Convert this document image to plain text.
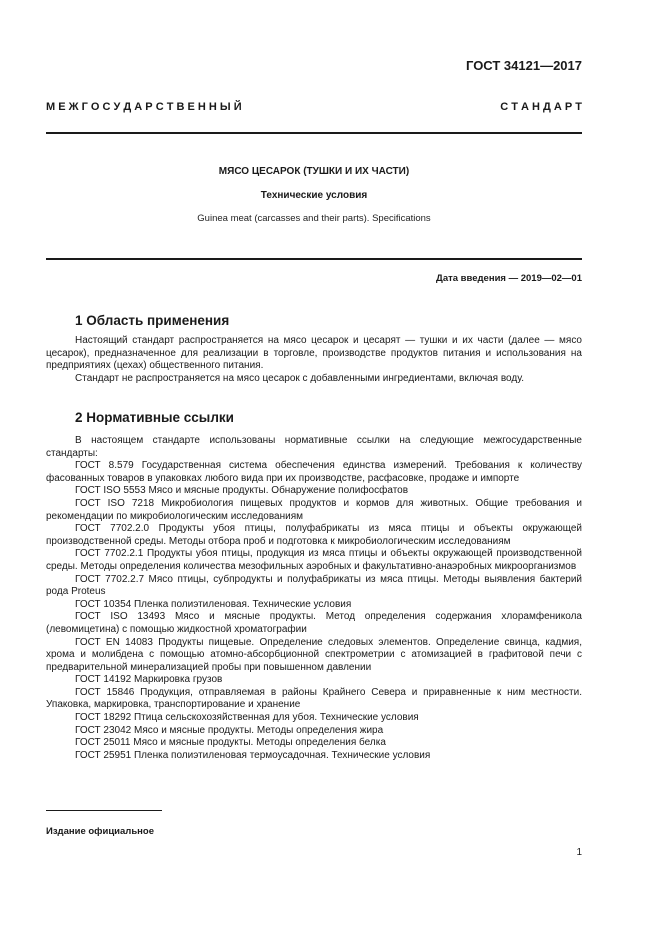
ГОСТ 34121—2017
М Е Ж Г О С У Д А Р С Т В Е Н Н Ы Й	С Т А Н Д А Р Т
МЯСО ЦЕСАРОК (ТУШКИ И ИХ ЧАСТИ)
Технические условия
Guinea meat (carcasses and their parts). Specifications
Дата введения — 2019—02—01
1 Область применения

Настоящий стандарт распространяется на мясо цесарок и цесарят — тушки и их части (далее — мясо цесарок), предназначенное для реализации в торговле, производстве продуктов питания и использования на предприятиях (цехах) общественного питания.

Стандарт не распространяется на мясо цесарок с добавленными ингредиентами, включая воду.

2 Нормативные ссылки

В настоящем стандарте использованы нормативные ссылки на следующие межгосударственные стандарты:

ГОСТ 8.579 Государственная система обеспечения единства измерений. Требования к количеству фасованных товаров в упаковках любого вида при их производстве, расфасовке, продаже и импорте

ГОСТ ISO 5553 Мясо и мясные продукты. Обнаружение полифосфатов

ГОСТ ISO 7218 Микробиология пищевых продуктов и кормов для животных. Общие требования и рекомендации по микробиологическим исследованиям

ГОСТ 7702.2.0 Продукты убоя птицы, полуфабрикаты из мяса птицы и объекты окружающей производственной среды. Методы отбора проб и подготовка к микробиологическим исследованиям

ГОСТ 7702.2.1 Продукты убоя птицы, продукция из мяса птицы и объекты окружающей производственной среды. Методы определения количества мезофильных аэробных и факультативно-анаэробных микроорганизмов

ГОСТ 7702.2.7 Мясо птицы, субпродукты и полуфабрикаты из мяса птицы. Методы выявления бактерий рода Proteus

ГОСТ 10354 Пленка полиэтиленовая. Технические условия

ГОСТ ISO 13493 Мясо и мясные продукты. Метод определения содержания хлорамфеникола (левомицетина) с помощью жидкостной хроматографии

ГОСТ EN 14083 Продукты пищевые. Определение следовых элементов. Определение свинца, кадмия, хрома и молибдена с помощью атомно-абсорбционной спектрометрии с атомизацией в графитовой печи с предварительной минерализацией пробы при повышенном давлении

ГОСТ 14192 Маркировка грузов

ГОСТ 15846 Продукция, отправляемая в районы Крайнего Севера и приравненные к ним местности. Упаковка, маркировка, транспортирование и хранение

ГОСТ 18292 Птица сельскохозяйственная для убоя. Технические условия

ГОСТ 23042 Мясо и мясные продукты. Методы определения жира

ГОСТ 25011 Мясо и мясные продукты. Методы определения белка

ГОСТ 25951 Пленка полиэтиленовая термоусадочная. Технические условия

Издание официальное
1
